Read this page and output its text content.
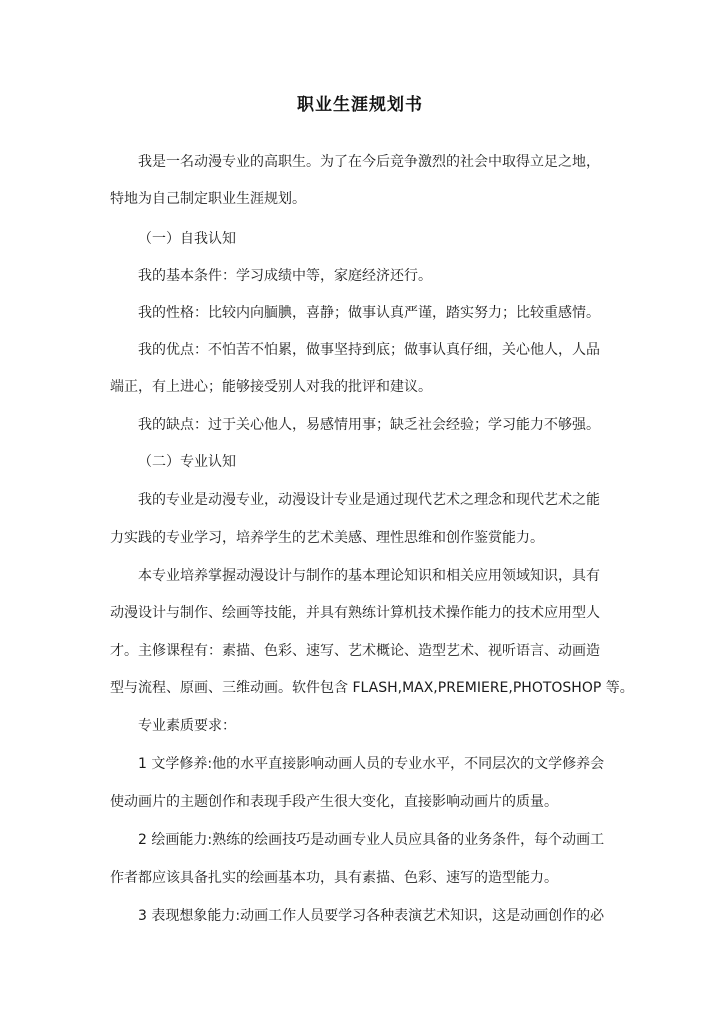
职业生涯规划书
我是一名动漫专业的高职生。为了在今后竞争激烈的社会中取得立足之地，
特地为自己制定职业生涯规划。
（一）自我认知
我的基本条件：学习成绩中等，家庭经济还行。
我的性格：比较内向腼腆，喜静；做事认真严谨，踏实努力；比较重感情。
我的优点：不怕苦不怕累，做事坚持到底；做事认真仔细，关心他人，人品
端正，有上进心；能够接受别人对我的批评和建议。
我的缺点：过于关心他人，易感情用事；缺乏社会经验；学习能力不够强。
（二）专业认知
我的专业是动漫专业，动漫设计专业是通过现代艺术之理念和现代艺术之能
力实践的专业学习，培养学生的艺术美感、理性思维和创作鉴赏能力。
本专业培养掌握动漫设计与制作的基本理论知识和相关应用领域知识，具有
动漫设计与制作、绘画等技能，并具有熟练计算机技术操作能力的技术应用型人
才。主修课程有：素描、色彩、速写、艺术概论、造型艺术、视听语言、动画造
型与流程、原画、三维动画。软件包含 FLASH,MAX,PREMIERE,PHOTOSHOP 等。
专业素质要求：
1 文学修养:他的水平直接影响动画人员的专业水平，不同层次的文学修养会
使动画片的主题创作和表现手段产生很大变化，直接影响动画片的质量。
2 绘画能力:熟练的绘画技巧是动画专业人员应具备的业务条件，每个动画工
作者都应该具备扎实的绘画基本功，具有素描、色彩、速写的造型能力。
3 表现想象能力:动画工作人员要学习各种表演艺术知识，这是动画创作的必
